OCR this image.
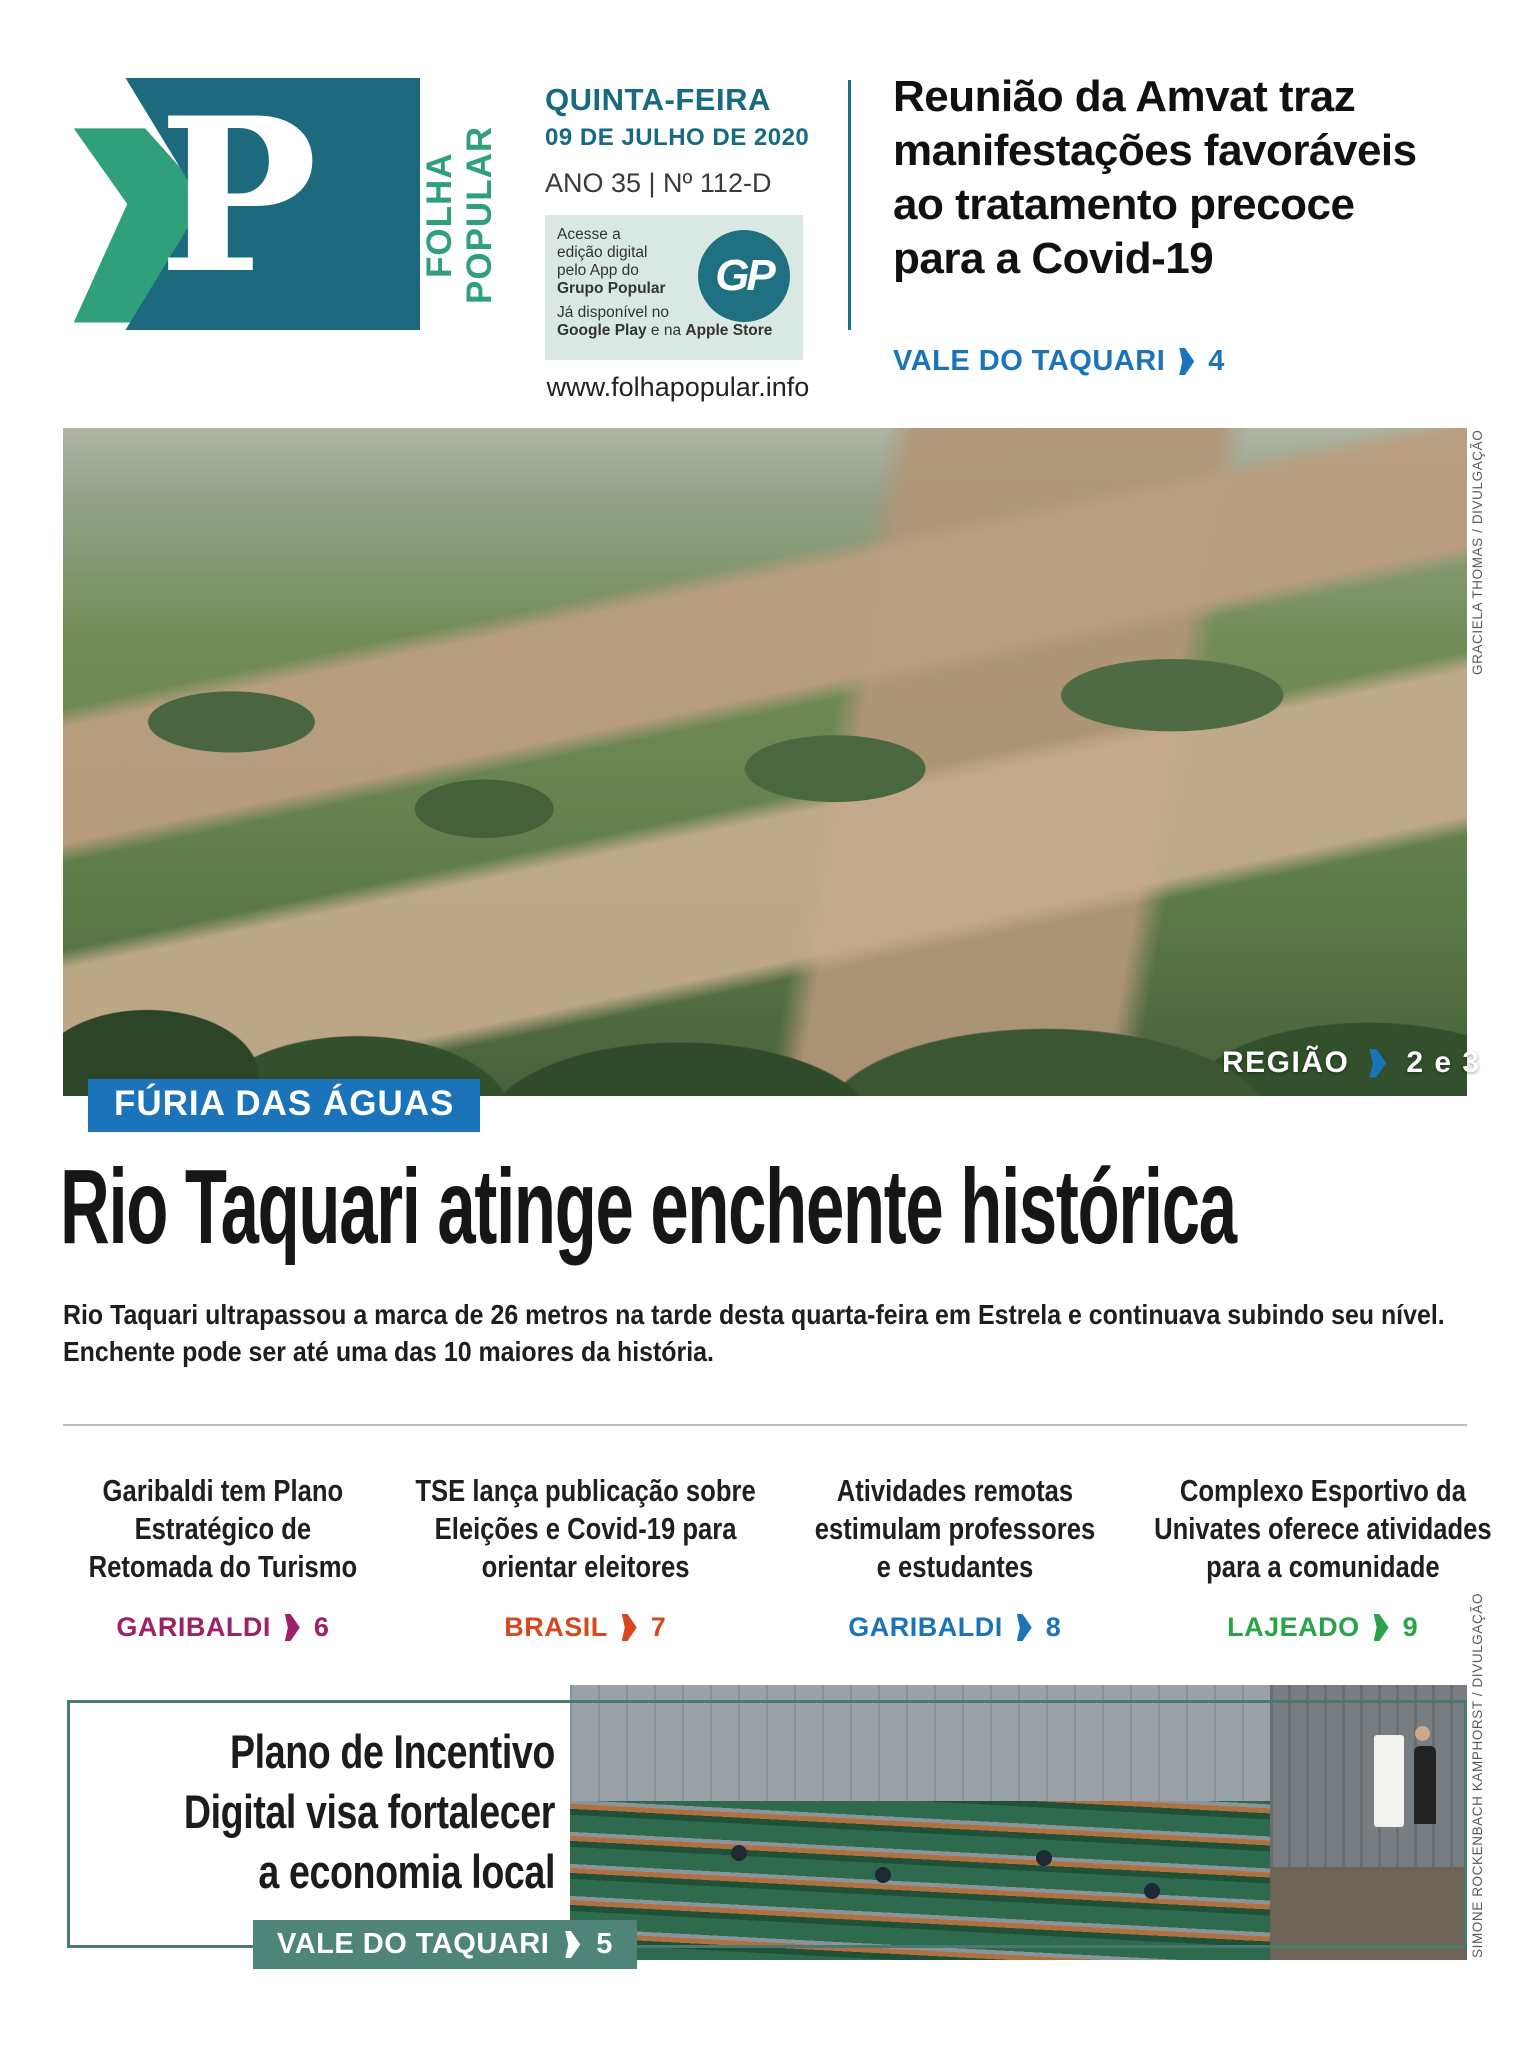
P	FOLHA POPULAR
QUINTA-FEIRA
09 DE JULHO DE 2020
ANO 35 | Nº 112-D
Acesse a
edição digital
pelo App do
Grupo Popular
Já disponível no
Google Play e na Apple Store
GP
www.folhapopular.info
Reunião da Amvat traz
manifestações favoráveis
ao tratamento precoce
para a Covid-19
VALE DO TAQUARI 4
GRACIELA THOMAS / DIVULGAÇÃO
REGIÃO 2 e 3
FÚRIA DAS ÁGUAS
Rio Taquari atinge enchente histórica
Rio Taquari ultrapassou a marca de 26 metros na tarde desta quarta-feira em Estrela e continuava subindo seu nível.
Enchente pode ser até uma das 10 maiores da história.
Garibaldi tem Plano
Estratégico de
Retomada do Turismo
GARIBALDI 6
TSE lança publicação sobre
Eleições e Covid-19 para
orientar eleitores
BRASIL 7
Atividades remotas
estimulam professores
e estudantes
GARIBALDI 8
Complexo Esportivo da
Univates oferece atividades
para a comunidade
LAJEADO 9	SIMONE ROCKENBACH KAMPHORST / DIVULGAÇÃO
Plano de Incentivo
Digital visa fortalecer
a economia local
VALE DO TAQUARI 5
